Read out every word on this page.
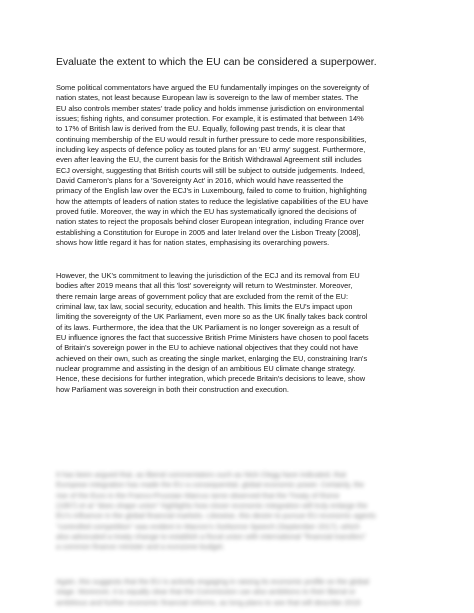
Evaluate the extent to which the EU can be considered a superpower.
Some political commentators have argued the EU fundamentally impinges on the sovereignty of
nation states, not least because European law is sovereign to the law of member states. The
EU also controls member states' trade policy and holds immense jurisdiction on environmental
issues; fishing rights, and consumer protection. For example, it is estimated that between 14%
to 17% of British law is derived from the EU. Equally, following past trends, it is clear that
continuing membership of the EU would result in further pressure to cede more responsibilities,
including key aspects of defence policy as touted plans for an 'EU army' suggest. Furthermore,
even after leaving the EU, the current basis for the British Withdrawal Agreement still includes
ECJ oversight, suggesting that British courts will still be subject to outside judgements. Indeed,
David Cameron's plans for a 'Sovereignty Act' in 2016, which would have reasserted the
primacy of the English law over the ECJ's in Luxembourg, failed to come to fruition, highlighting
how the attempts of leaders of nation states to reduce the legislative capabilities of the EU have
proved futile. Moreover, the way in which the EU has systematically ignored the decisions of
nation states to reject the proposals behind closer European integration, including France over
establishing a Constitution for Europe in 2005 and later Ireland over the Lisbon Treaty [2008],
shows how little regard it has for nation states, emphasising its overarching powers.
However, the UK's commitment to leaving the jurisdiction of the ECJ and its removal from EU
bodies after 2019 means that all this 'lost' sovereignty will return to Westminster. Moreover,
there remain large areas of government policy that are excluded from the remit of the EU:
criminal law, tax law, social security, education and health. This limits the EU's impact upon
limiting the sovereignty of the UK Parliament, even more so as the UK finally takes back control
of its laws. Furthermore, the idea that the UK Parliament is no longer sovereign as a result of
EU influence ignores the fact that successive British Prime Ministers have chosen to pool facets
of Britain's sovereign power in the EU to achieve national objectives that they could not have
achieved on their own, such as creating the single market, enlarging the EU, constraining Iran's
nuclear programme and assisting in the design of an ambitious EU climate change strategy.
Hence, these decisions for further integration, which precede Britain's decisions to leave, show
how Parliament was sovereign in both their construction and execution.
It has been argued that, as liberal commentators such as Nick Clegg have indicated, that
European integration has made the EU a consequential, global economic power. Certainly, the
rise of the Euro in the Franco-Prussian Marcus Iarne observed that the Treaty of Rome
(1957) et al "does shape union" highlights how closer economic integration will truly enlarge the
EU's influence in the global financial markets. Likewise, this desire to pursue EU economic agents
"controlled competition" was evident in Macron's Sorbonne Speech (September 2017), which
also advocated a treaty change to establish a fiscal union with international "financial transfers"
a common finance minister and a eurozone budget.
Again, this suggests that the EU is actively engaging in raising its economic profile on the global
stage. Moreover, it is equally clear that the Commission can also ambitions to their liberal or
ambitious and further economic financial reforms, as long plans to see that will describe 2019
